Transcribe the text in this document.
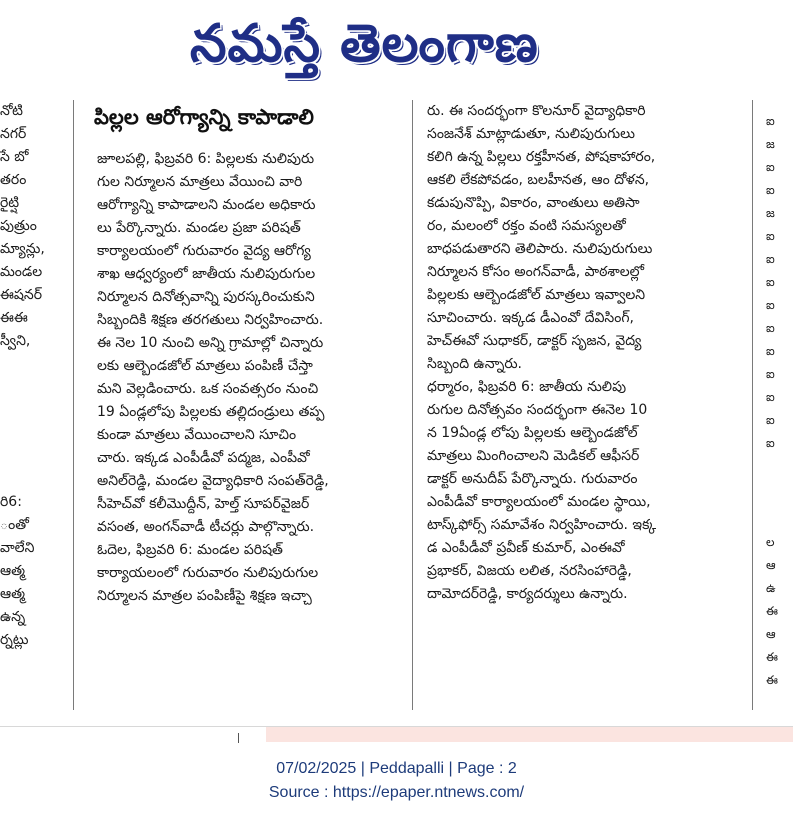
నమస్తే తెలంగాణ

నోటి

నగర్

సే బో

తరం

రైట్షి

పుత్రుం

మ్యాన్లు,

మండల

ఈషనర్

ఈఈ

స్వీని,

రి6:

ంతో

వాలేని

ఆత్మ

ఆత్మ

ఉన్న

ర్నట్లు

పిల్లల ఆరోగ్యాన్ని కాపాడాలి

జూలపల్లి, ఫిబ్రవరి 6: పిల్లలకు నులిపురు

గుల నిర్మూలన మాత్రలు వేయించి వారి

ఆరోగ్యాన్ని కాపాడాలని మండల అధికారు

లు పేర్కొన్నారు. మండల ప్రజా పరిషత్

కార్యాలయంలో గురువారం వైద్య ఆరోగ్య

శాఖ ఆధ్వర్యంలో జాతీయ నులిపురుగుల

నిర్మూలన దినోత్సవాన్ని పురస్కరించుకుని

సిబ్బందికి శిక్షణ తరగతులు నిర్వహించారు.

ఈ నెల 10 నుంచి అన్ని గ్రామాల్లో చిన్నారు

లకు ఆల్బెండజోల్ మాత్రలు పంపిణీ చేస్తా

మని వెల్లడించారు. ఒక సంవత్సరం నుంచి

19 ఏండ్లలోపు పిల్లలకు తల్లిదండ్రులు తప్ప

కుండా మాత్రలు వేయించాలని సూచిం

చారు. ఇక్కడ ఎంపీడీవో పద్మజ, ఎంపీవో

అనిల్‌రెడ్డి, మండల వైద్యాధికారి సంపత్‌రెడ్డి,

సీహెచ్‌వో కలీమొద్దీన్, హెల్త్ సూపర్‌వైజర్

వసంత, అంగన్‌వాడీ టీచర్లు పాల్గొన్నారు.

ఓదెల, ఫిబ్రవరి 6: మండల పరిషత్

కార్యాయలంలో గురువారం నులిపురుగుల

నిర్మూలన మాత్రల పంపిణీపై శిక్షణ ఇచ్చా

రు. ఈ సందర్భంగా కొలనూర్ వైద్యాధికారి

సంజనేశ్ మాట్లాడుతూ, నులిపురుగులు

కలిగి ఉన్న పిల్లలు రక్తహీనత, పోషకాహారం,

ఆకలి లేకపోవడం, బలహీనత, ఆం దోళన,

కడుపునొప్పి, వికారం, వాంతులు అతిసా

రం, మలంలో రక్తం వంటి సమస్యలతో

బాధపడుతారని తెలిపారు. నులిపురుగులు

నిర్మూలన కోసం అంగన్‌వాడీ, పాఠశాలల్లో

పిల్లలకు ఆల్బెండజోల్ మాత్రలు ఇవ్వాలని

సూచించారు. ఇక్కడ డీఎంవో దేవిసింగ్,

హెచ్ఈవో సుధాకర్, డాక్టర్ సృజన, వైద్య

సిబ్బంది ఉన్నారు.

ధర్మారం, ఫిబ్రవరి 6: జాతీయ నులిపు

రుగుల దినోత్సవం సందర్భంగా ఈనెల 10

న 19ఏండ్ల లోపు పిల్లలకు ఆల్బెండజోల్

మాత్రలు మింగించాలని మెడికల్ ఆఫీసర్

డాక్టర్ అనుదీప్ పేర్కొన్నారు. గురువారం

ఎంపీడీవో కార్యాలయంలో మండల స్థాయి,

టాస్క్‌ఫోర్స్ సమావేశం నిర్వహించారు. ఇక్క

డ ఎంపీడీవో ప్రవీణ్ కుమార్, ఎంఈవో

ప్రభాకర్, విజయ లలిత, నరసింహారెడ్డి,

దామోదర్‌రెడ్డి, కార్యదర్శులు ఉన్నారు.

ఐ

జ

ఐ

ఐ

జ

ఐ

ఐ

ఐ

ఐ

ఐ

ఐ

ఐ

ఐ

ఐ

ఐ

ల

ఆ

ఉ

ఈ

ఆ

ఈ

ఈ

07/02/2025 | Peddapalli | Page : 2
Source : https://epaper.ntnews.com/
